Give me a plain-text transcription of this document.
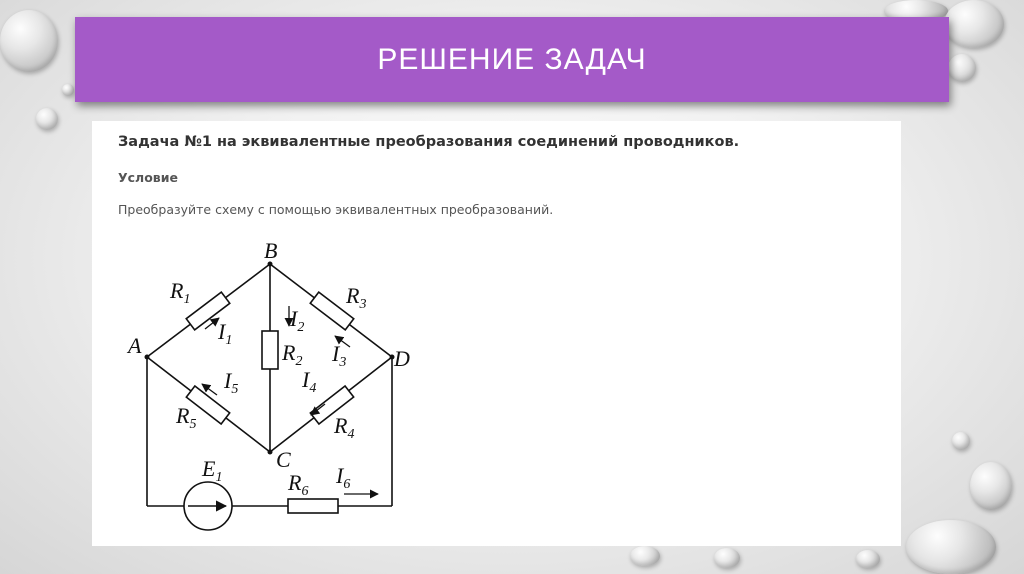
РЕШЕНИЕ ЗАДАЧ
Задача №1 на эквивалентные преобразования соединений проводников.
Условие
Преобразуйте схему с помощью эквивалентных преобразований.
A
B
C
D
$R_1$
$R_2$
$R_3$
$R_4$
$R_5$
$R_6$
$I_1$
$I_2$
$I_3$
$I_4$
$I_5$
$I_6$
$E_1$
